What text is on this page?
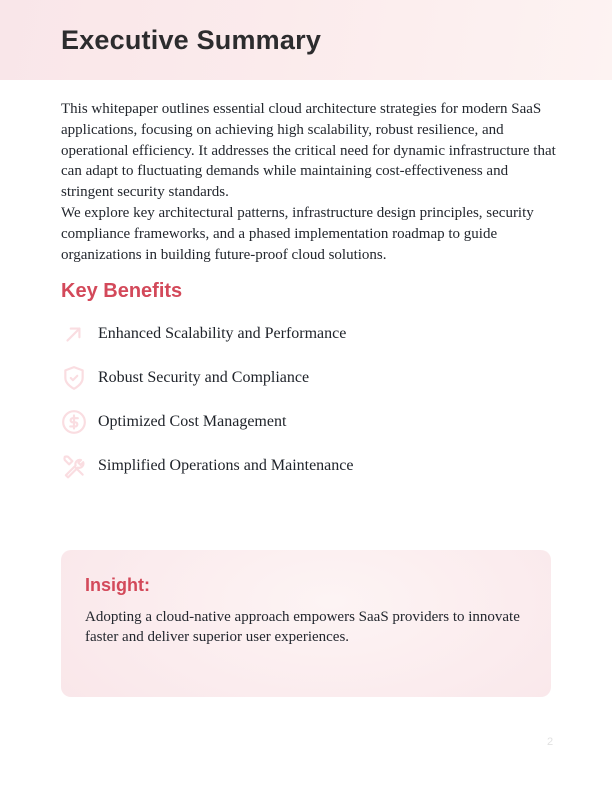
Executive Summary

This whitepaper outlines essential cloud architecture strategies for modern SaaS applications, focusing on achieving high scalability, robust resilience, and operational efficiency. It addresses the critical need for dynamic infrastructure that can adapt to fluctuating demands while maintaining cost-effectiveness and stringent security standards.

We explore key architectural patterns, infrastructure design principles, security compliance frameworks, and a phased implementation roadmap to guide organizations in building future-proof cloud solutions.

Key Benefits
Enhanced Scalability and Performance
Robust Security and Compliance
Optimized Cost Management
Simplified Operations and Maintenance
Insight:

Adopting a cloud-native approach empowers SaaS providers to innovate faster and deliver superior user experiences.

2
